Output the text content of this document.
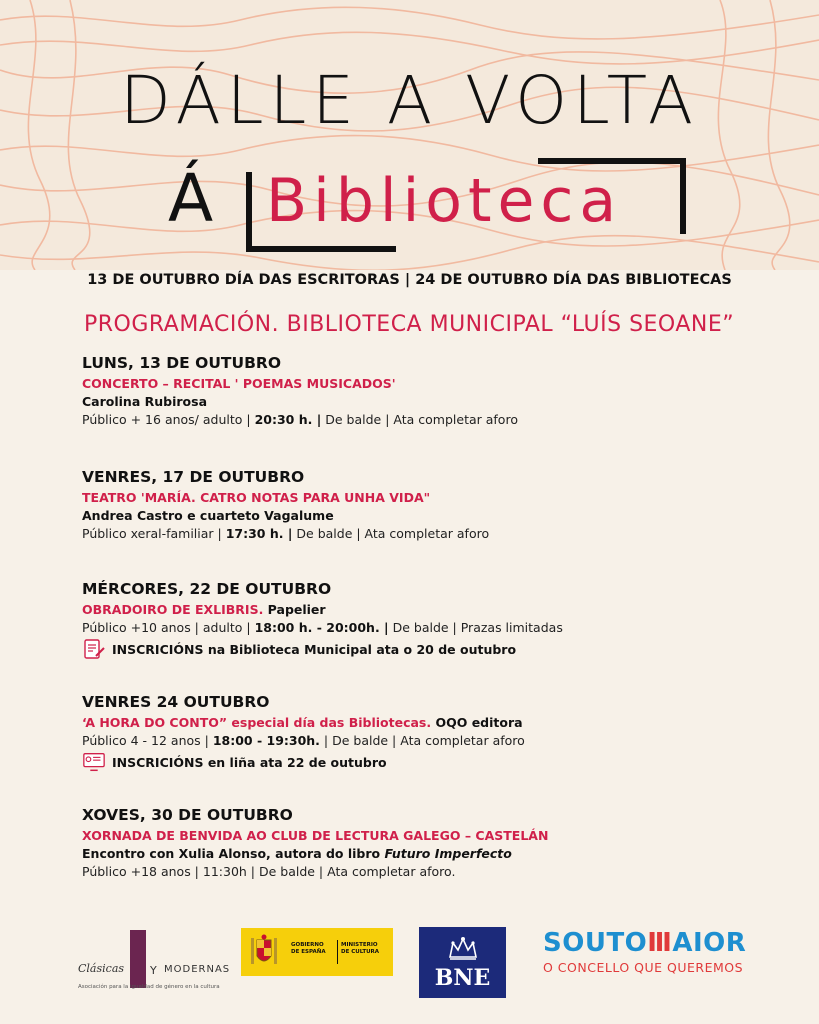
DÁLLE A VOLTA
Á Biblioteca
13 DE OUTUBRO DÍA DAS ESCRITORAS | 24 DE OUTUBRO DÍA DAS BIBLIOTECAS
PROGRAMACIÓN. BIBLIOTECA MUNICIPAL “LUÍS SEOANE”
LUNS, 13 DE OUTUBRO
CONCERTO – RECITAL ' POEMAS MUSICADOS'
Carolina Rubirosa
Público + 16 anos/ adulto | 20:30 h. | De balde | Ata completar aforo
VENRES, 17 DE OUTUBRO
TEATRO 'MARÍA. CATRO NOTAS PARA UNHA VIDA"
Andrea Castro e cuarteto Vagalume
Público xeral-familiar | 17:30 h. | De balde | Ata completar aforo
MÉRCORES, 22 DE OUTUBRO
OBRADOIRO DE EXLIBRIS. Papelier
Público +10 anos | adulto | 18:00 h. - 20:00h. | De balde | Prazas limitadas
INSCRICIÓNS na Biblioteca Municipal ata o 20 de outubro
VENRES 24 OUTUBRO
‘A HORA DO CONTO” especial día das Bibliotecas. OQO editora
Público 4 - 12 anos | 18:00 - 19:30h. | De balde | Ata completar aforo
INSCRICIÓNS en liña ata 22 de outubro
XOVES, 30 DE OUTUBRO
XORNADA DE BENVIDA AO CLUB DE LECTURA GALEGO – CASTELÁN
Encontro con Xulia Alonso, autora do libro Futuro Imperfecto
Público +18 anos | 11:30h | De balde | Ata completar aforo.
Clásicas Y MODERNAS
Asociación para la igualdad de género en la cultura
GOBIERNO
DE ESPAÑA
MINISTERIO
DE CULTURA
BNE
SOUTOⅢAIOR
O CONCELLO QUE QUEREMOS
